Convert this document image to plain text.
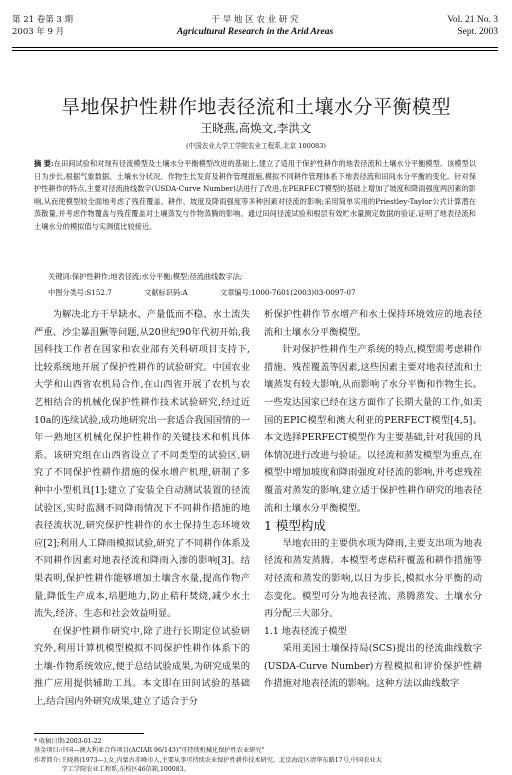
第 21 卷第 3 期
2003 年 9 月
干 旱 地 区 农 业 研 究
Agricultural Research in the Arid Areas
Vol. 21 No. 3
Sept. 2003
旱地保护性耕作地表径流和土壤水分平衡模型
王晓燕,高焕文,李洪文
(中国农业大学工学院农业工程系,北京 100083)
摘 要:在田间试验和对现有径流模型及土壤水分平衡模型改进的基础上,建立了适用于保护性耕作的地表径流和土壤水分平衡模型。该模型以日为步长,根据气象数据、土壤水分状况、作物生长发育及耕作管理措施,模拟不同耕作管理体系下地表径流和田间水分平衡的变化。针对保护性耕作的特点,主要对径流曲线数字(USDA-Curve Number)法进行了改进,在PERFECT模型的基础上增加了坡度和降雨强度两因素的影响,从而使模型较全面地考虑了残茬覆盖、耕作、坡度及降雨强度等多种因素对径流的影响;采用简单实用的Priestley-Taylor公式计算潜在蒸散量,并考虑作物覆盖与残茬覆盖对土壤蒸发与作物蒸腾的影响。通过田间径流试验和根层有效贮水量测定数据的验证,证明了地表径流和土壤水分的模拟值与实测值比较接近。
关键词:保护性耕作;地表径流;水分平衡;模型;径流曲线数字法;
中图分类号:S152.7	文献标识码:A	文章编号:1000-7601(2003)03-0097-07

为解决北方干旱缺水、产量低而不稳、水土流失严重、沙尘暴沮獗等问题,从20世纪90年代初开始,我国科技工作者在国家和农业部有关科研项目支持下,比较系统地开展了保护性耕作的试验研究。中国农业大学和山西省农机局合作,在山西省开展了农机与农艺相结合的机械化保护性耕作技术试验研究,经过近10a的连续试验,成功地研究出一套适合我国国情的一年一熟地区机械化保护性耕作的关键技术和机具体系。该研究组在山西省设立了不同类型的试验区,研究了不同保护性耕作措施的保水增产机理,研制了多种中小型机具[1];建立了安装全自动测试装置的径流试验区,实时监测不同降雨情况下不同耕作措施的地表径流状况,研究保护性耕作的水土保持生态环境效应[2];利用人工降雨模拟试验,研究了不同耕作体系及不同耕作因素对地表径流和降雨入渗的影响[3]。结果表明,保护性耕作能够增加土壤含水量,提高作物产量,降低生产成本,培肥地力,防止秸秆焚烧,减少水土流失,经济、生态和社会效益明显。

在保护性耕作研究中,除了进行长期定位试验研究外,利用计算机模型模拟不同保护性耕作体系下的土壤-作物系统效应,便于总结试验成果,为研究成果的推广应用提供辅助工具。本文即在田间试验的基础上,结合国内外研究成果,建立了适合于分

析保护性耕作节水增产和水土保持环境效应的地表径流和土壤水分平衡模型。

针对保护性耕作生产系统的特点,模型需考虑耕作措施、残茬覆盖等因素,这些因素主要对地表径流和土壤蒸发有较大影响,从而影响了水分平衡和作物生长。一些发达国家已经在这方面作了长期大量的工作,如美国的EPIC模型和澳大利亚的PERFECT模型[4,5]。本文选择PERFECT模型作为主要基础,针对我国的具体情况进行改进与验证。以径流和蒸发模型为重点,在模型中增加坡度和降雨强度对径流的影响,并考虑残茬覆盖对蒸发的影响,建立适于保护性耕作研究的地表径流和土壤水分平衡模型。

1 模型构成

旱地农田的主要供水项为降雨,主要支出项为地表径流和蒸发蒸腾。本模型考虑秸秆覆盖和耕作措施等对径流和蒸发的影响,以日为步长,模拟水分平衡的动态变化。模型可分为地表径流、蒸腾蒸发、土壤水分再分配三大部分。

1.1 地表径流子模型

采用美国土壤保持局(SCS)提出的径流曲线数字(USDA-Curve Number)方程模拟和评价保护性耕作措施对地表径流的影响。这种方法以曲线数字

* 收稿日期:2003-01-22
基金项目:中国—澳大利亚合作项目(ACIAR 96/143)"可持续机械化保护性农业研究"
作者简介:王晓燕(1973—),女,内蒙古赤峰市人,主要从事可持续农业保护性耕作技术研究。北京海淀区清华东路17号,中国农业大
学工学院农业工程系,东校区46信箱,100083。
